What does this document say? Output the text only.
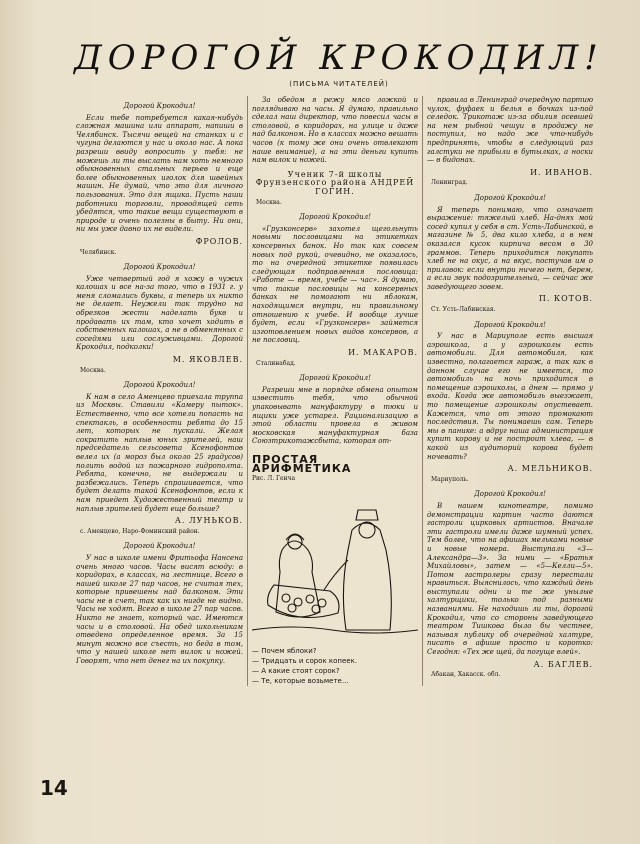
ДОРОГОЙ КРОКОДИЛ!
(ПИСЬМА ЧИТАТЕЛЕЙ)
Дорогой Крокодил!

Если тебе потребуется какая-нибудь сложная машина или аппарат, напиши в Челябинск. Тысячи вещей на станках и с чугуна делаются у нас и около нас. А пока разреши ввиду вопросить у тебя: не можешь ли ты выслать нам хоть немного обыкновенных стальных перьев и еще более обыкновенных иголок для швейных машин. Не думай, что это для личного пользования. Это для ящика. Пусть наши работники торговли, проводящей сеть убедятся, что такие вещи существуют в природе и очень полезны в быту. Ни они, ни мы уже давно их не видели.

ФРОЛОВ.
Челябинск.
Дорогой Крокодил!

Уже четвертый год я хожу в чужих калошах и все на-за того, что в 1931 г. у меня сломались буквы, а теперь их никто не делает. Неужели так трудно на обрезков жести наделать букв и продавать их там, кто хочет ходить в собственных калошах, а не в обменянных с соседями или сослуживцами. Дорогой Крокодил, подколки!

М. ЯКОВЛЕВ.
Москва.
Дорогой Крокодил!

К нам в село Аменцево приехала труппа из Москвы. Ставили «Камеру пыток». Естественно, что все хотели попасть на спектакль, в особенности ребята до 15 лет, которых не пускали. Желая сократить наплыв юных зрителей, наш председатель сельсовета Ксенофонтов велел их (а мороз был около 25 градусов) полить водой из пожарного гидрополта. Ребята, конечно, не выдержали и разбежались. Теперь спрашивается, что будет делать такой Ксенофонтов, если к нам приедет Художественный театр и наплыв зрителей будет еще больше?

А. ЛУНЬКОВ.
с. Аменцево, Наро-Фоминский район.
Дорогой Крокодил!

У нас в школе имени Фритьофа Нансена очень много часов. Часы висят всюду: в коридорах, в классах, на лестнице. Всего в нашей школе 27 пар часов, не считая тех, которые привешены над балконом. Эти часы не в счет, так как их нигде не видно. Часы не ходят. Всего в школе 27 пар часов. Никто не знает, который час. Имеются часы и в столовой. На обед школьникам отведено определенное время. За 15 минут можно все съесть, но беда в том, что у нашей школе нет вилок и ножей. Говорят, что нет денег на их покупку.

За обедом я режу мясо ложкой и поглядываю на часы. Я думаю, правильно сделал наш директор, что повесил часы в столовой, в коридорах, на улице и даже над балконом. Но в классах можно вешать часов (к тому же они очень отвлекают наше внимание), а на эти деньги купить нам вилок и ножей.

Ученик 7-й школы Фрунзенского района АНДРЕЙ ГОГИН.
Москва.
Дорогой Крокодил!

«Грузконсерв» захотел щегольнуть новыми пословицами на этикетках консервных банок. Но так как совсем новых под рукой, очевидно, не оказалось, то на очередной этикетке появилась следующая подправленная пословица: «Работе — время, учебе — час». Я думаю, что такие пословицы на консервных банках не помогают ни яблокам, находящимся внутри, ни правильному отношению к учебе. И вообще лучше будет, если «Грузконсерв» займется изготовлением новых видов консервов, а не пословиц.

И. МАКАРОВ.
Сталинабад.
Дорогой Крокодил!

Разреши мне в порядке обмена опытом известить тебя, что обычной упаковывать мануфактуру в тюки и ящики уже устарел. Рационализацию в этой области провела в живом московская мануфактурная база Союзтрикотажсбыта, которая от-

ПРОСТАЯ АРИФМЕТИКА
Рис. Л. Генча
— Почем яблоки?
— Тридцать и сорок копеек.
— А какие стоят сорок?
— Те, которые возьмете...

правила в Ленинград очередную партию чулок, фуфаек и белья в бочках из-под селедок. Трикотаж из-за обилия осевшей на нем рыбной чешуи в продажу не поступил, но надо же что-нибудь предпринять, чтобы в следующий раз галстуки не прибыли в бутылках, а носки — в бидонах.

И. ИВАНОВ.
Ленинград.
Дорогой Крокодил!

Я теперь понимаю, что означает выражение: тяжелый хлеб. На-днях мой сосед купил у себя в ст. Усть-Лабинской, в магазине № 5, два кило хлеба, а в нем оказался кусок кирпича весом в 30 граммов. Теперь приходится покупать хлеб не на окус, а на вкус, постучав им о прилавок: если внутри ничего нет, берем, а если звук подозрительный, — сейчас же заведующего зовем.

П. КОТОВ.
Ст. Усть-Лабинская.
Дорогой Крокодил!

У нас в Мариуполе есть высшая аэрошкола, а у аэрошколы есть автомобили. Для автомобиля, как известно, полагается гараж, а так как в данном случае его не имеется, то автомобиль на ночь приходится в помещение аэрошколы, а днем — прямо у входа. Когда же автомобиль выезжает, то помещение аэрошколы опустевает. Кажется, что от этого промокают последствия. Ты понимаешь сам. Теперь мы в панике: а вдруг наша администрация купит корову и не построит хлева, — в какой из аудиторий корова будет ночевать?

А. МЕЛЬНИКОВ.
Мариуполь.
Дорогой Крокодил!

В нашем кинотеатре, помимо демонстрации картин часто даются гастроли цирковых артистов. Вначале эти гастроли имели даже шумный успех. Тем более, что на афишах мельками новые и новые номера. Выступали «3—Александра—3». За ними — «Братья Михайловы», затем — «5—Келли—5». Потом гастролеры сразу перестали нравиться. Выяснилось, что каждый день выступали одни и те же унылые халтурщики, только под разными названиями. Не находишь ли ты, дорогой Крокодил, что со стороны заведующего театром Тишкова было бы честнее, называя публику об очередной халтуре, писать в афише просто и коротко: Сегодня: «Тех же щей, да погуще влей».

А. БАГЛЕВ.
Абакан, Хакасск. обл.
14
